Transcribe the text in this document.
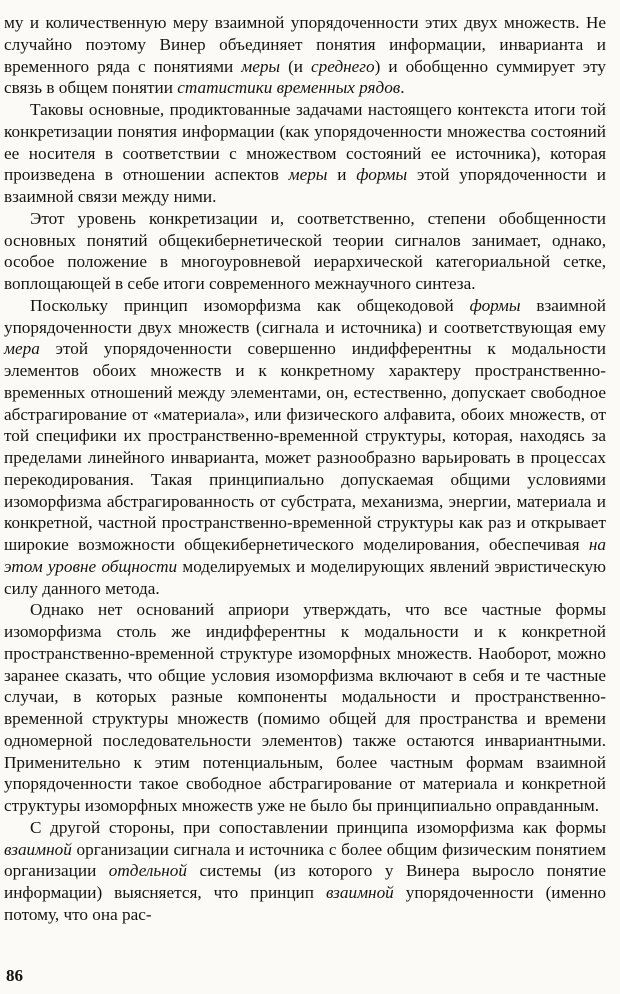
му и количественную меру взаимной упорядоченности этих двух множеств. Не случайно поэтому Винер объединяет понятия информации, инварианта и временного ряда с понятиями меры (и среднего) и обобщенно суммирует эту связь в общем понятии статистики временных рядов.

Таковы основные, продиктованные задачами настоящего контекста итоги той конкретизации понятия информации (как упорядоченности множества состояний ее носителя в соответствии с множеством состояний ее источника), которая произведена в отношении аспектов меры и формы этой упорядоченности и взаимной связи между ними.

Этот уровень конкретизации и, соответственно, степени обобщенности основных понятий общекибернетической теории сигналов занимает, однако, особое положение в многоуровневой иерархической категориальной сетке, воплощающей в себе итоги современного межнаучного синтеза.

Поскольку принцип изоморфизма как общекодовой формы взаимной упорядоченности двух множеств (сигнала и источника) и соответствующая ему мера этой упорядоченности совершенно индифферентны к модальности элементов обоих множеств и к конкретному характеру пространственно-временных отношений между элементами, он, естественно, допускает свободное абстрагирование от «материала», или физического алфавита, обоих множеств, от той специфики их пространственно-временной структуры, которая, находясь за пределами линейного инварианта, может разнообразно варьировать в процессах перекодирования. Такая принципиально допускаемая общими условиями изоморфизма абстрагированность от субстрата, механизма, энергии, материала и конкретной, частной пространственно-временной структуры как раз и открывает широкие возможности общекибернетического моделирования, обеспечивая на этом уровне общности моделируемых и моделирующих явлений эвристическую силу данного метода.

Однако нет оснований априори утверждать, что все частные формы изоморфизма столь же индифферентны к модальности и к конкретной пространственно-временной структуре изоморфных множеств. Наоборот, можно заранее сказать, что общие условия изоморфизма включают в себя и те частные случаи, в которых разные компоненты модальности и пространственно-временной структуры множеств (помимо общей для пространства и времени одномерной последовательности элементов) также остаются инвариантными. Применительно к этим потенциальным, более частным формам взаимной упорядоченности такое свободное абстрагирование от материала и конкретной структуры изоморфных множеств уже не было бы принципиально оправданным.

С другой стороны, при сопоставлении принципа изоморфизма как формы взаимной организации сигнала и источника с более общим физическим понятием организации отдельной системы (из которого у Винера выросло понятие информации) выясняется, что принцип взаимной упорядоченности (именно потому, что она рас-

86
